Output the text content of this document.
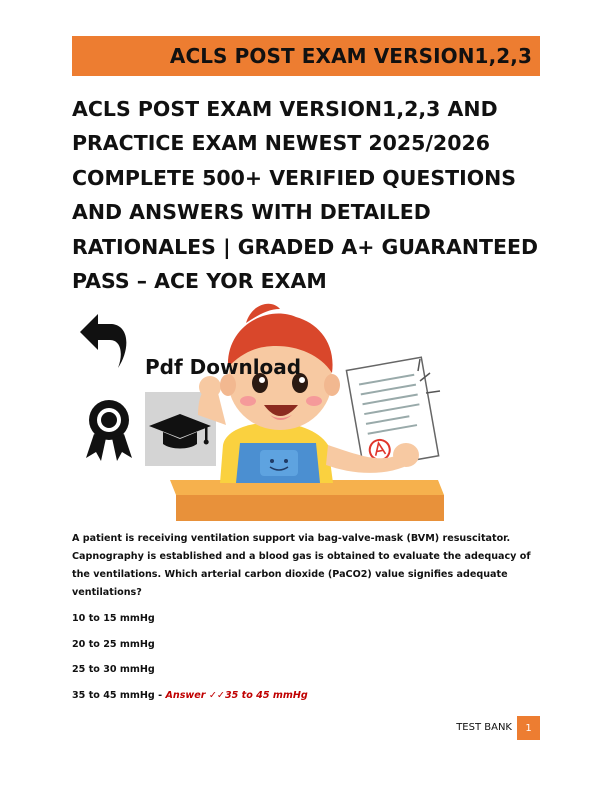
ACLS POST EXAM VERSION1,2,3
ACLS POST EXAM VERSION1,2,3 AND PRACTICE EXAM NEWEST 2025/2026 COMPLETE 500+ VERIFIED QUESTIONS AND ANSWERS WITH DETAILED RATIONALES | GRADED A+ GUARANTEED PASS – ACE YOR EXAM
Pdf Download
A patient is receiving ventilation support via bag-valve-mask (BVM) resuscitator. Capnography is established and a blood gas is obtained to evaluate the adequacy of the ventilations. Which arterial carbon dioxide (PaCO2) value signifies adequate ventilations?
10 to 15 mmHg
20 to 25 mmHg
25 to 30 mmHg
35 to 45 mmHg - Answer ✓✓35 to 45 mmHg
TEST BANK 1
